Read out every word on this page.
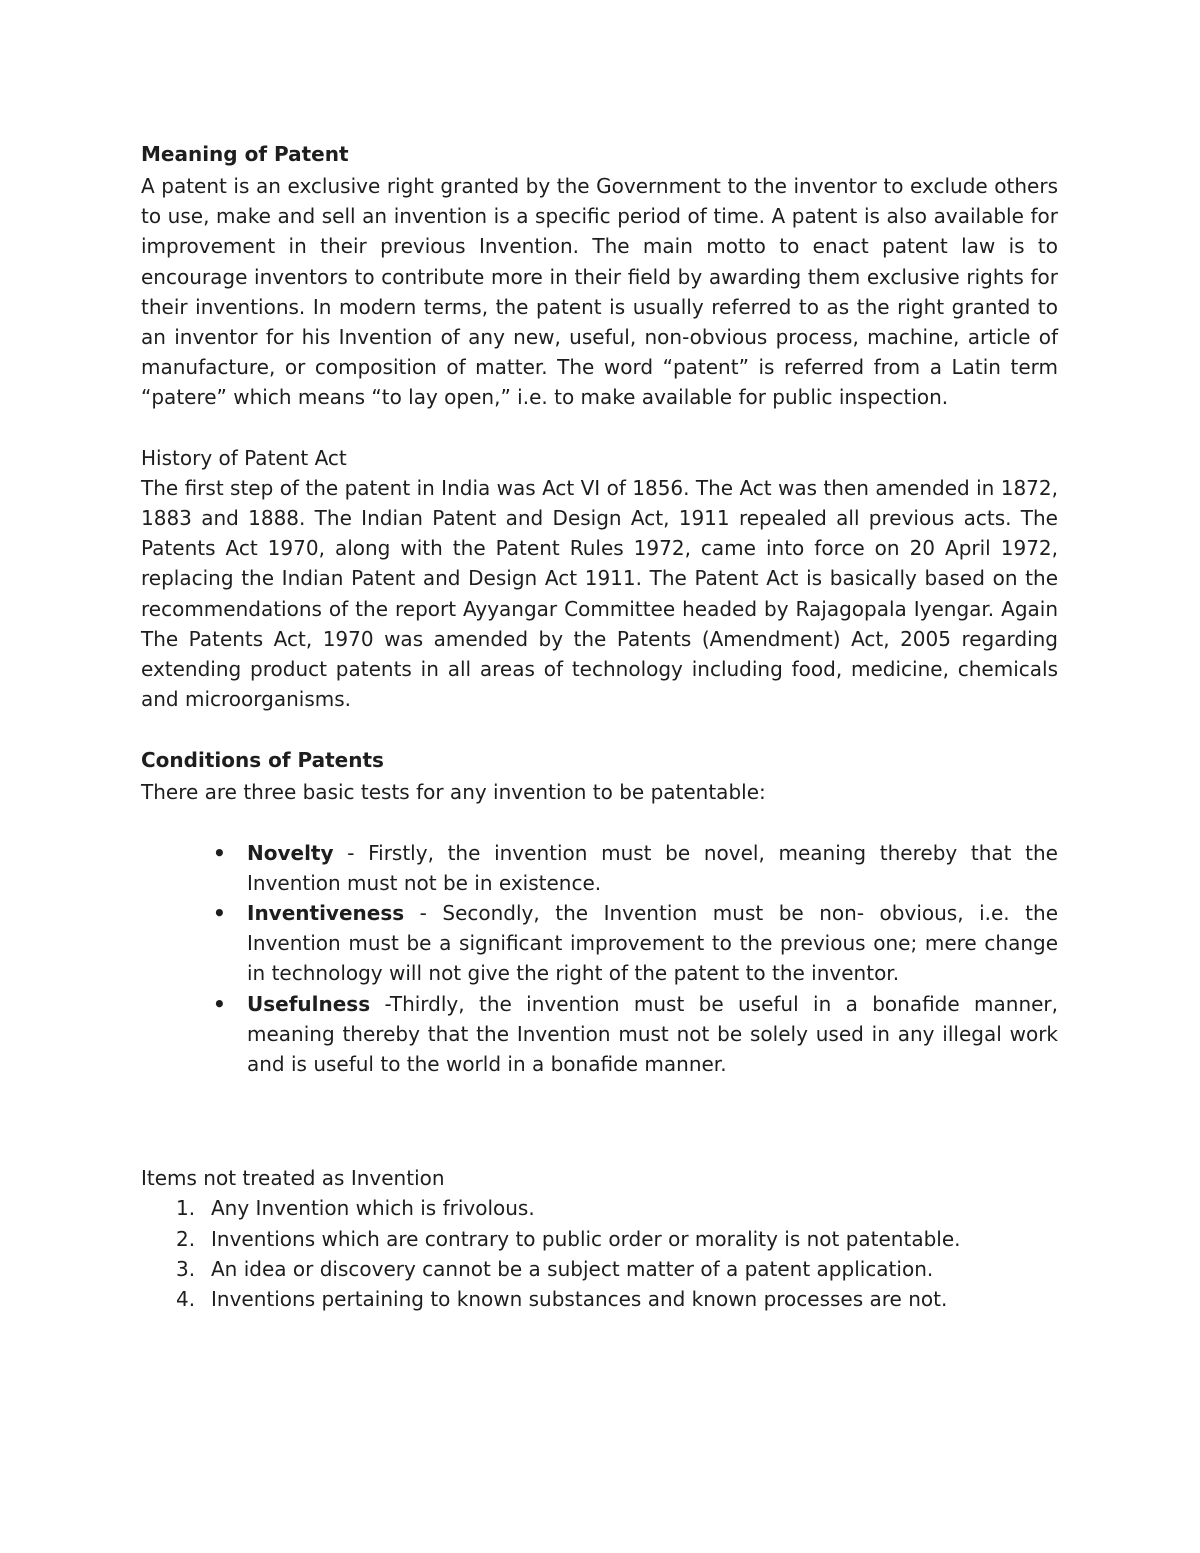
Meaning of Patent

A patent is an exclusive right granted by the Government to the inventor to exclude others to use, make and sell an invention is a specific period of time. A patent is also available for improvement in their previous Invention. The main motto to enact patent law is to encourage inventors to contribute more in their field by awarding them exclusive rights for their inventions. In modern terms, the patent is usually referred to as the right granted to an inventor for his Invention of any new, useful, non-obvious process, machine, article of manufacture, or composition of matter. The word “patent” is referred from a Latin term “patere” which means “to lay open,” i.e. to make available for public inspection.

History of Patent Act

The first step of the patent in India was Act VI of 1856. The Act was then amended in 1872, 1883 and 1888. The Indian Patent and Design Act, 1911 repealed all previous acts. The Patents Act 1970, along with the Patent Rules 1972, came into force on 20 April 1972, replacing the Indian Patent and Design Act 1911. The Patent Act is basically based on the recommendations of the report Ayyangar Committee headed by Rajagopala Iyengar. Again The Patents Act, 1970 was amended by the Patents (Amendment) Act, 2005 regarding extending product patents in all areas of technology including food, medicine, chemicals and microorganisms.

Conditions of Patents

There are three basic tests for any invention to be patentable:

• Novelty - Firstly, the invention must be novel, meaning thereby that the Invention must not be in existence.
• Inventiveness - Secondly, the Invention must be non- obvious, i.e. the Invention must be a significant improvement to the previous one; mere change in technology will not give the right of the patent to the inventor.
• Usefulness -Thirdly, the invention must be useful in a bonafide manner, meaning thereby that the Invention must not be solely used in any illegal work and is useful to the world in a bonafide manner.

Items not treated as Invention

1. Any Invention which is frivolous.
2. Inventions which are contrary to public order or morality is not patentable.
3. An idea or discovery cannot be a subject matter of a patent application.
4. Inventions pertaining to known substances and known processes are not.
